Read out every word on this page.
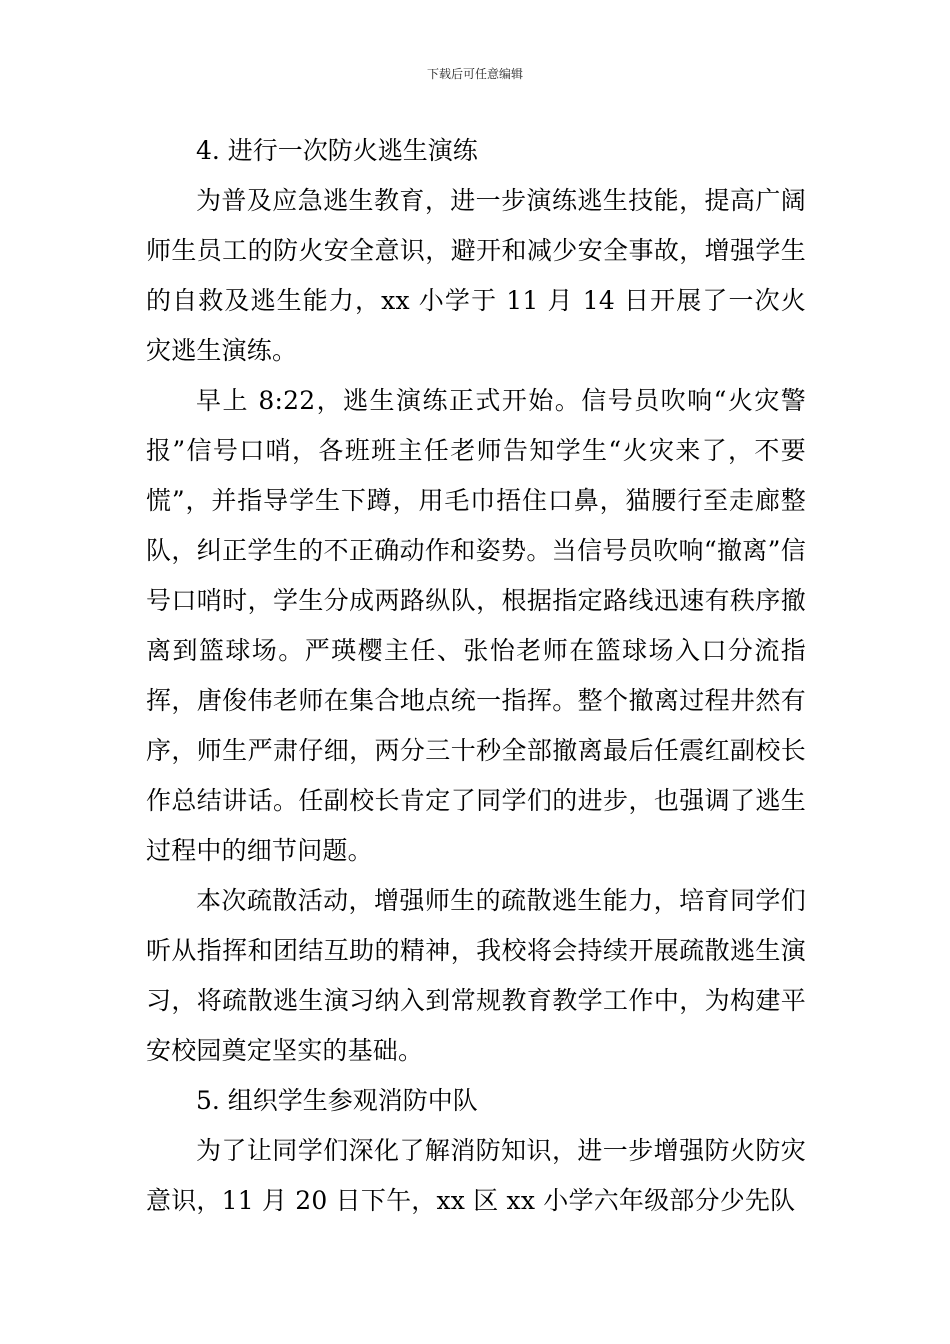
下载后可任意编辑

4. 进行一次防火逃生演练

为普及应急逃生教育，进一步演练逃生技能，提高广阔师生员工的防火安全意识，避开和减少安全事故，增强学生的自救及逃生能力，xx 小学于 11 月 14 日开展了一次火灾逃生演练。

早上 8:22，逃生演练正式开始。信号员吹响“火灾警报”信号口哨，各班班主任老师告知学生“火灾来了，不要慌”，并指导学生下蹲，用毛巾捂住口鼻，猫腰行至走廊整队，纠正学生的不正确动作和姿势。当信号员吹响“撤离”信号口哨时，学生分成两路纵队，根据指定路线迅速有秩序撤离到篮球场。严瑛樱主任、张怡老师在篮球场入口分流指挥，唐俊伟老师在集合地点统一指挥。整个撤离过程井然有序，师生严肃仔细，两分三十秒全部撤离最后任震红副校长作总结讲话。任副校长肯定了同学们的进步，也强调了逃生过程中的细节问题。

本次疏散活动，增强师生的疏散逃生能力，培育同学们听从指挥和团结互助的精神，我校将会持续开展疏散逃生演习，将疏散逃生演习纳入到常规教育教学工作中，为构建平安校园奠定坚实的基础。

5. 组织学生参观消防中队

为了让同学们深化了解消防知识，进一步增强防火防灾意识，11 月 20 日下午，xx 区 xx 小学六年级部分少先队
